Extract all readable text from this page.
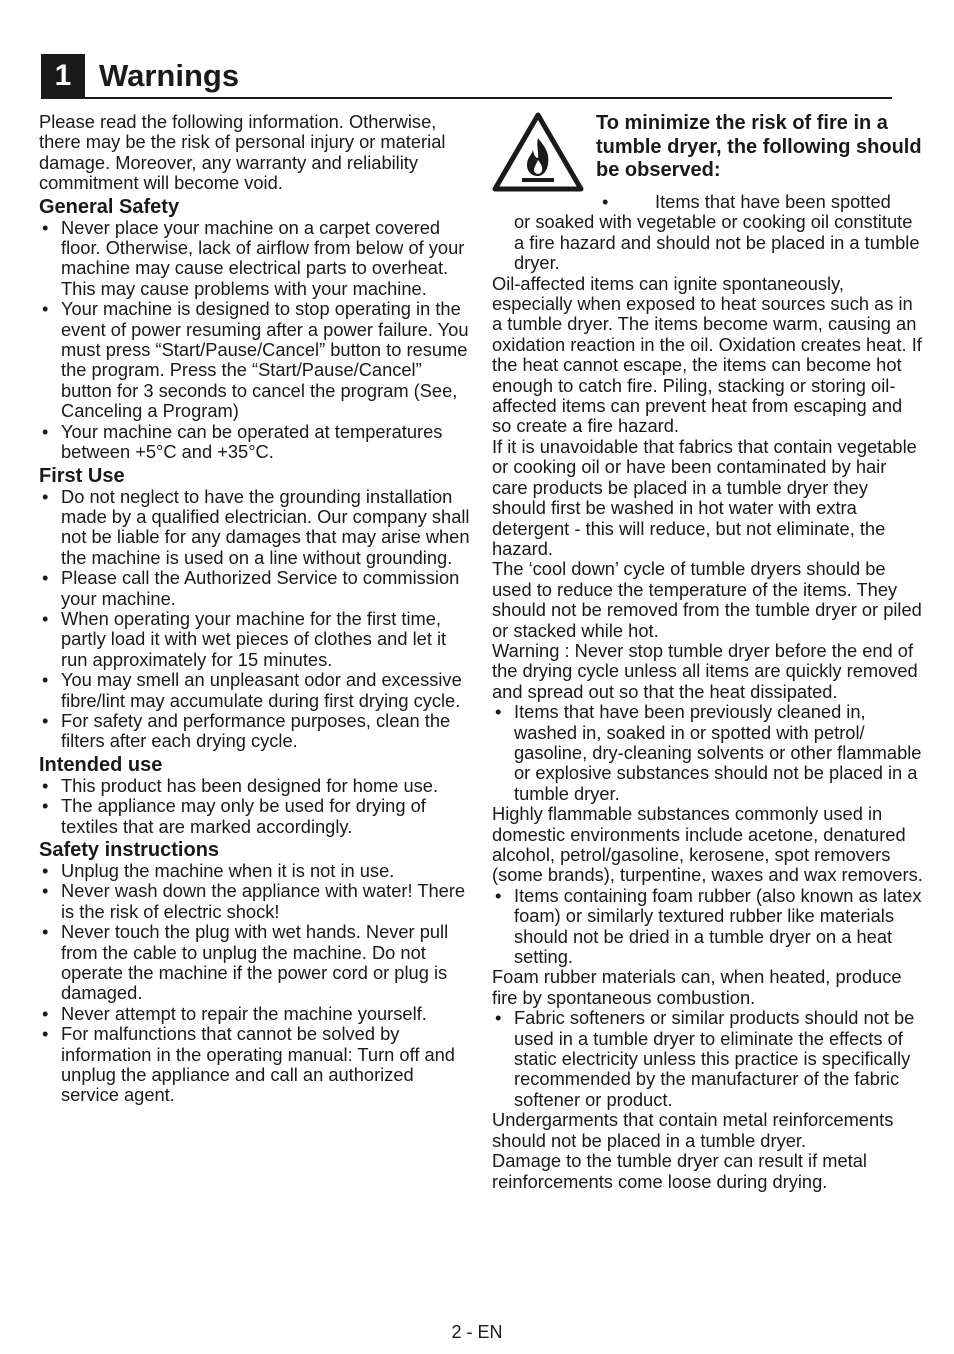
1 Warnings

Please read the following information. Otherwise, there may be the risk of personal injury or material damage. Moreover, any warranty and reliability commitment will become void.

General Safety

• Never place your machine on a carpet covered floor. Otherwise, lack of airflow from below of your machine may cause electrical parts to overheat. This may cause problems with your machine.
• Your machine is designed to stop operating in the event of power resuming after a power failure. You must press “Start/Pause/Cancel” button to resume the program. Press the “Start/Pause/Cancel” button for 3 seconds to cancel the program (See, Canceling a Program)
• Your machine can be operated at temperatures between +5°C and +35°C.

First Use

• Do not neglect to have the grounding installation made by a qualified electrician. Our company shall not be liable for any damages that may arise when the machine is used on a line without grounding.
• Please call the Authorized Service to commission your machine.
• When operating your machine for the first time, partly load it with wet pieces of clothes and let it run approximately for 15 minutes.
• You may smell an unpleasant odor and excessive fibre/lint may accumulate during first drying cycle.
• For safety and performance purposes, clean the filters after each drying cycle.

Intended use

• This product has been designed for home use.
• The appliance may only be used for drying of textiles that are marked accordingly.

Safety instructions

• Unplug the machine when it is not in use.
• Never wash down the appliance with water! There is the risk of electric shock!
• Never touch the plug with wet hands. Never pull from the cable to unplug the machine. Do not operate the machine if the power cord or plug is damaged.
• Never attempt to repair the machine yourself.
• For malfunctions that cannot be solved by information in the operating manual: Turn off and unplug the appliance and call an authorized service agent.
To minimize the risk of fire in a tumble dryer, the following should be observed:
•	Items that have been spotted
or soaked with vegetable or cooking oil constitute a fire hazard and should not be placed in a tumble dryer.

Oil-affected items can ignite spontaneously, especially when exposed to heat sources such as in a tumble dryer. The items become warm, causing an oxidation reaction in the oil. Oxidation creates heat. If the heat cannot escape, the items can become hot enough to catch fire. Piling, stacking or storing oil-affected items can prevent heat from escaping and so create a fire hazard.

If it is unavoidable that fabrics that contain vegetable or cooking oil or have been contaminated by hair care products be placed in a tumble dryer they should first be washed in hot water with extra detergent - this will reduce, but not eliminate, the hazard.

The ‘cool down’ cycle of tumble dryers should be used to reduce the temperature of the items. They should not be removed from the tumble dryer or piled or stacked while hot.

Warning : Never stop tumble dryer before the end of the drying cycle unless all items are quickly removed and spread out so that the heat dissipated.

• Items that have been previously cleaned in, washed in, soaked in or spotted with petrol/ gasoline, dry-cleaning solvents or other flammable or explosive substances should not be placed in a tumble dryer.

Highly flammable substances commonly used in domestic environments include acetone, denatured alcohol, petrol/gasoline, kerosene, spot removers (some brands), turpentine, waxes and wax removers.

• Items containing foam rubber (also known as latex foam) or similarly textured rubber like materials should not be dried in a tumble dryer on a heat setting.

Foam rubber materials can, when heated, produce fire by spontaneous combustion.

• Fabric softeners or similar products should not be used in a tumble dryer to eliminate the effects of static electricity unless this practice is specifically recommended by the manufacturer of the fabric softener or product.

Undergarments that contain metal reinforcements should not be placed in a tumble dryer.

Damage to the tumble dryer can result if metal reinforcements come loose during drying.

2 - EN
